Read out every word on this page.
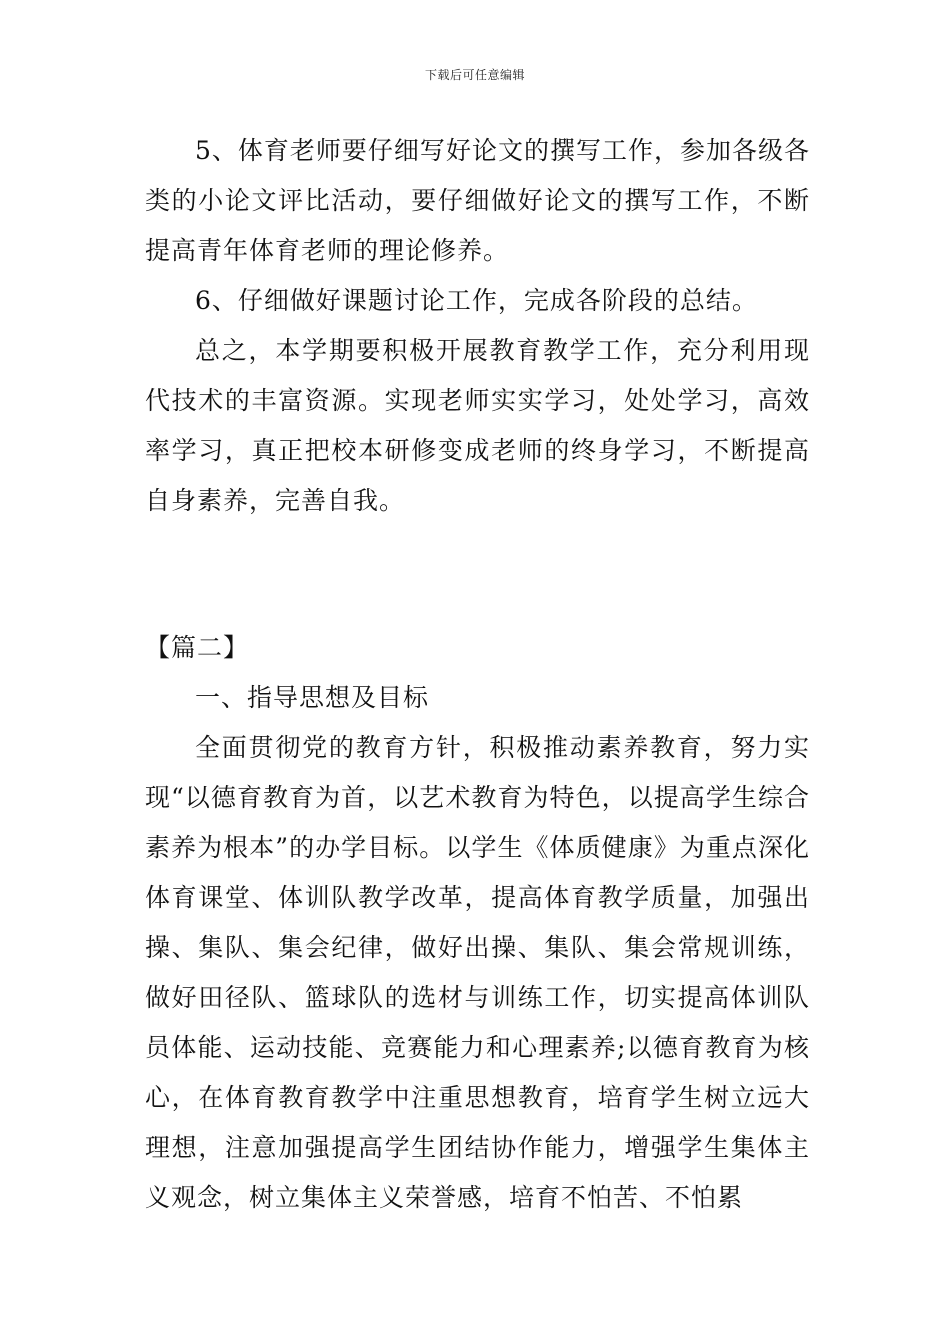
下载后可任意编辑

5、体育老师要仔细写好论文的撰写工作，参加各级各类的小论文评比活动，要仔细做好论文的撰写工作，不断提高青年体育老师的理论修养。

6、仔细做好课题讨论工作，完成各阶段的总结。

总之，本学期要积极开展教育教学工作，充分利用现代技术的丰富资源。实现老师实实学习，处处学习，高效率学习，真正把校本研修变成老师的终身学习，不断提高自身素养，完善自我。

【篇二】

一、指导思想及目标

全面贯彻党的教育方针，积极推动素养教育，努力实现“以德育教育为首，以艺术教育为特色，以提高学生综合素养为根本”的办学目标。以学生《体质健康》为重点深化体育课堂、体训队教学改革，提高体育教学质量，加强出操、集队、集会纪律，做好出操、集队、集会常规训练，做好田径队、篮球队的选材与训练工作，切实提高体训队员体能、运动技能、竞赛能力和心理素养;以德育教育为核心，在体育教育教学中注重思想教育，培育学生树立远大理想，注意加强提高学生团结协作能力，增强学生集体主义观念，树立集体主义荣誉感，培育不怕苦、不怕累
